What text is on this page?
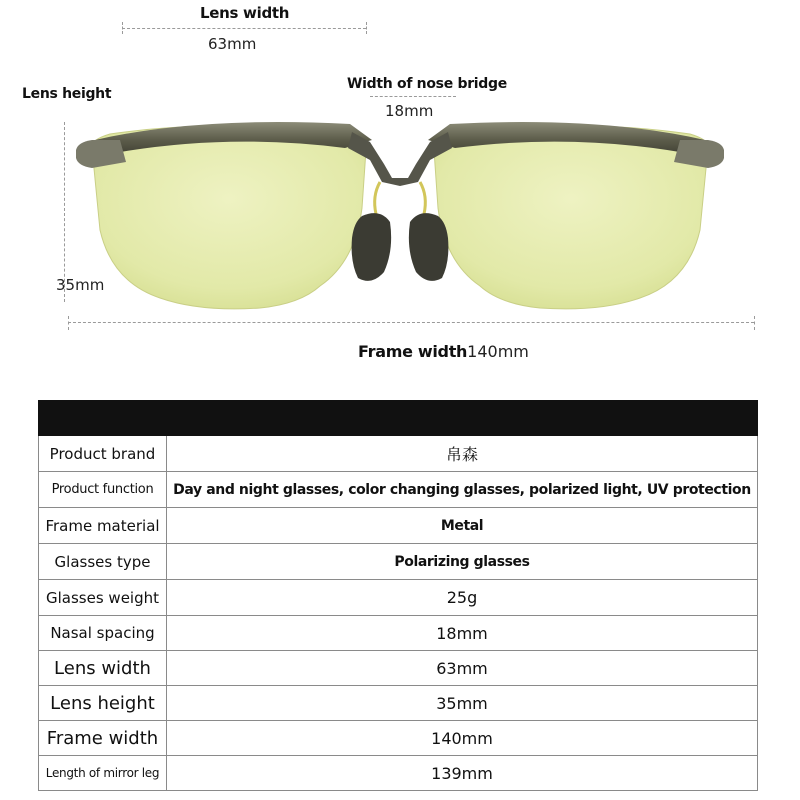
Lens width
63mm
Lens height
Width of nose bridge
18mm
35mm
Frame width140mm
Product brand	帛森
Product function	Day and night glasses, color changing glasses, polarized light, UV protection
Frame material	Metal
Glasses type	Polarizing glasses
Glasses weight	25g
Nasal spacing	18mm
Lens width	63mm
Lens height	35mm
Frame width	140mm
Length of mirror leg	139mm
